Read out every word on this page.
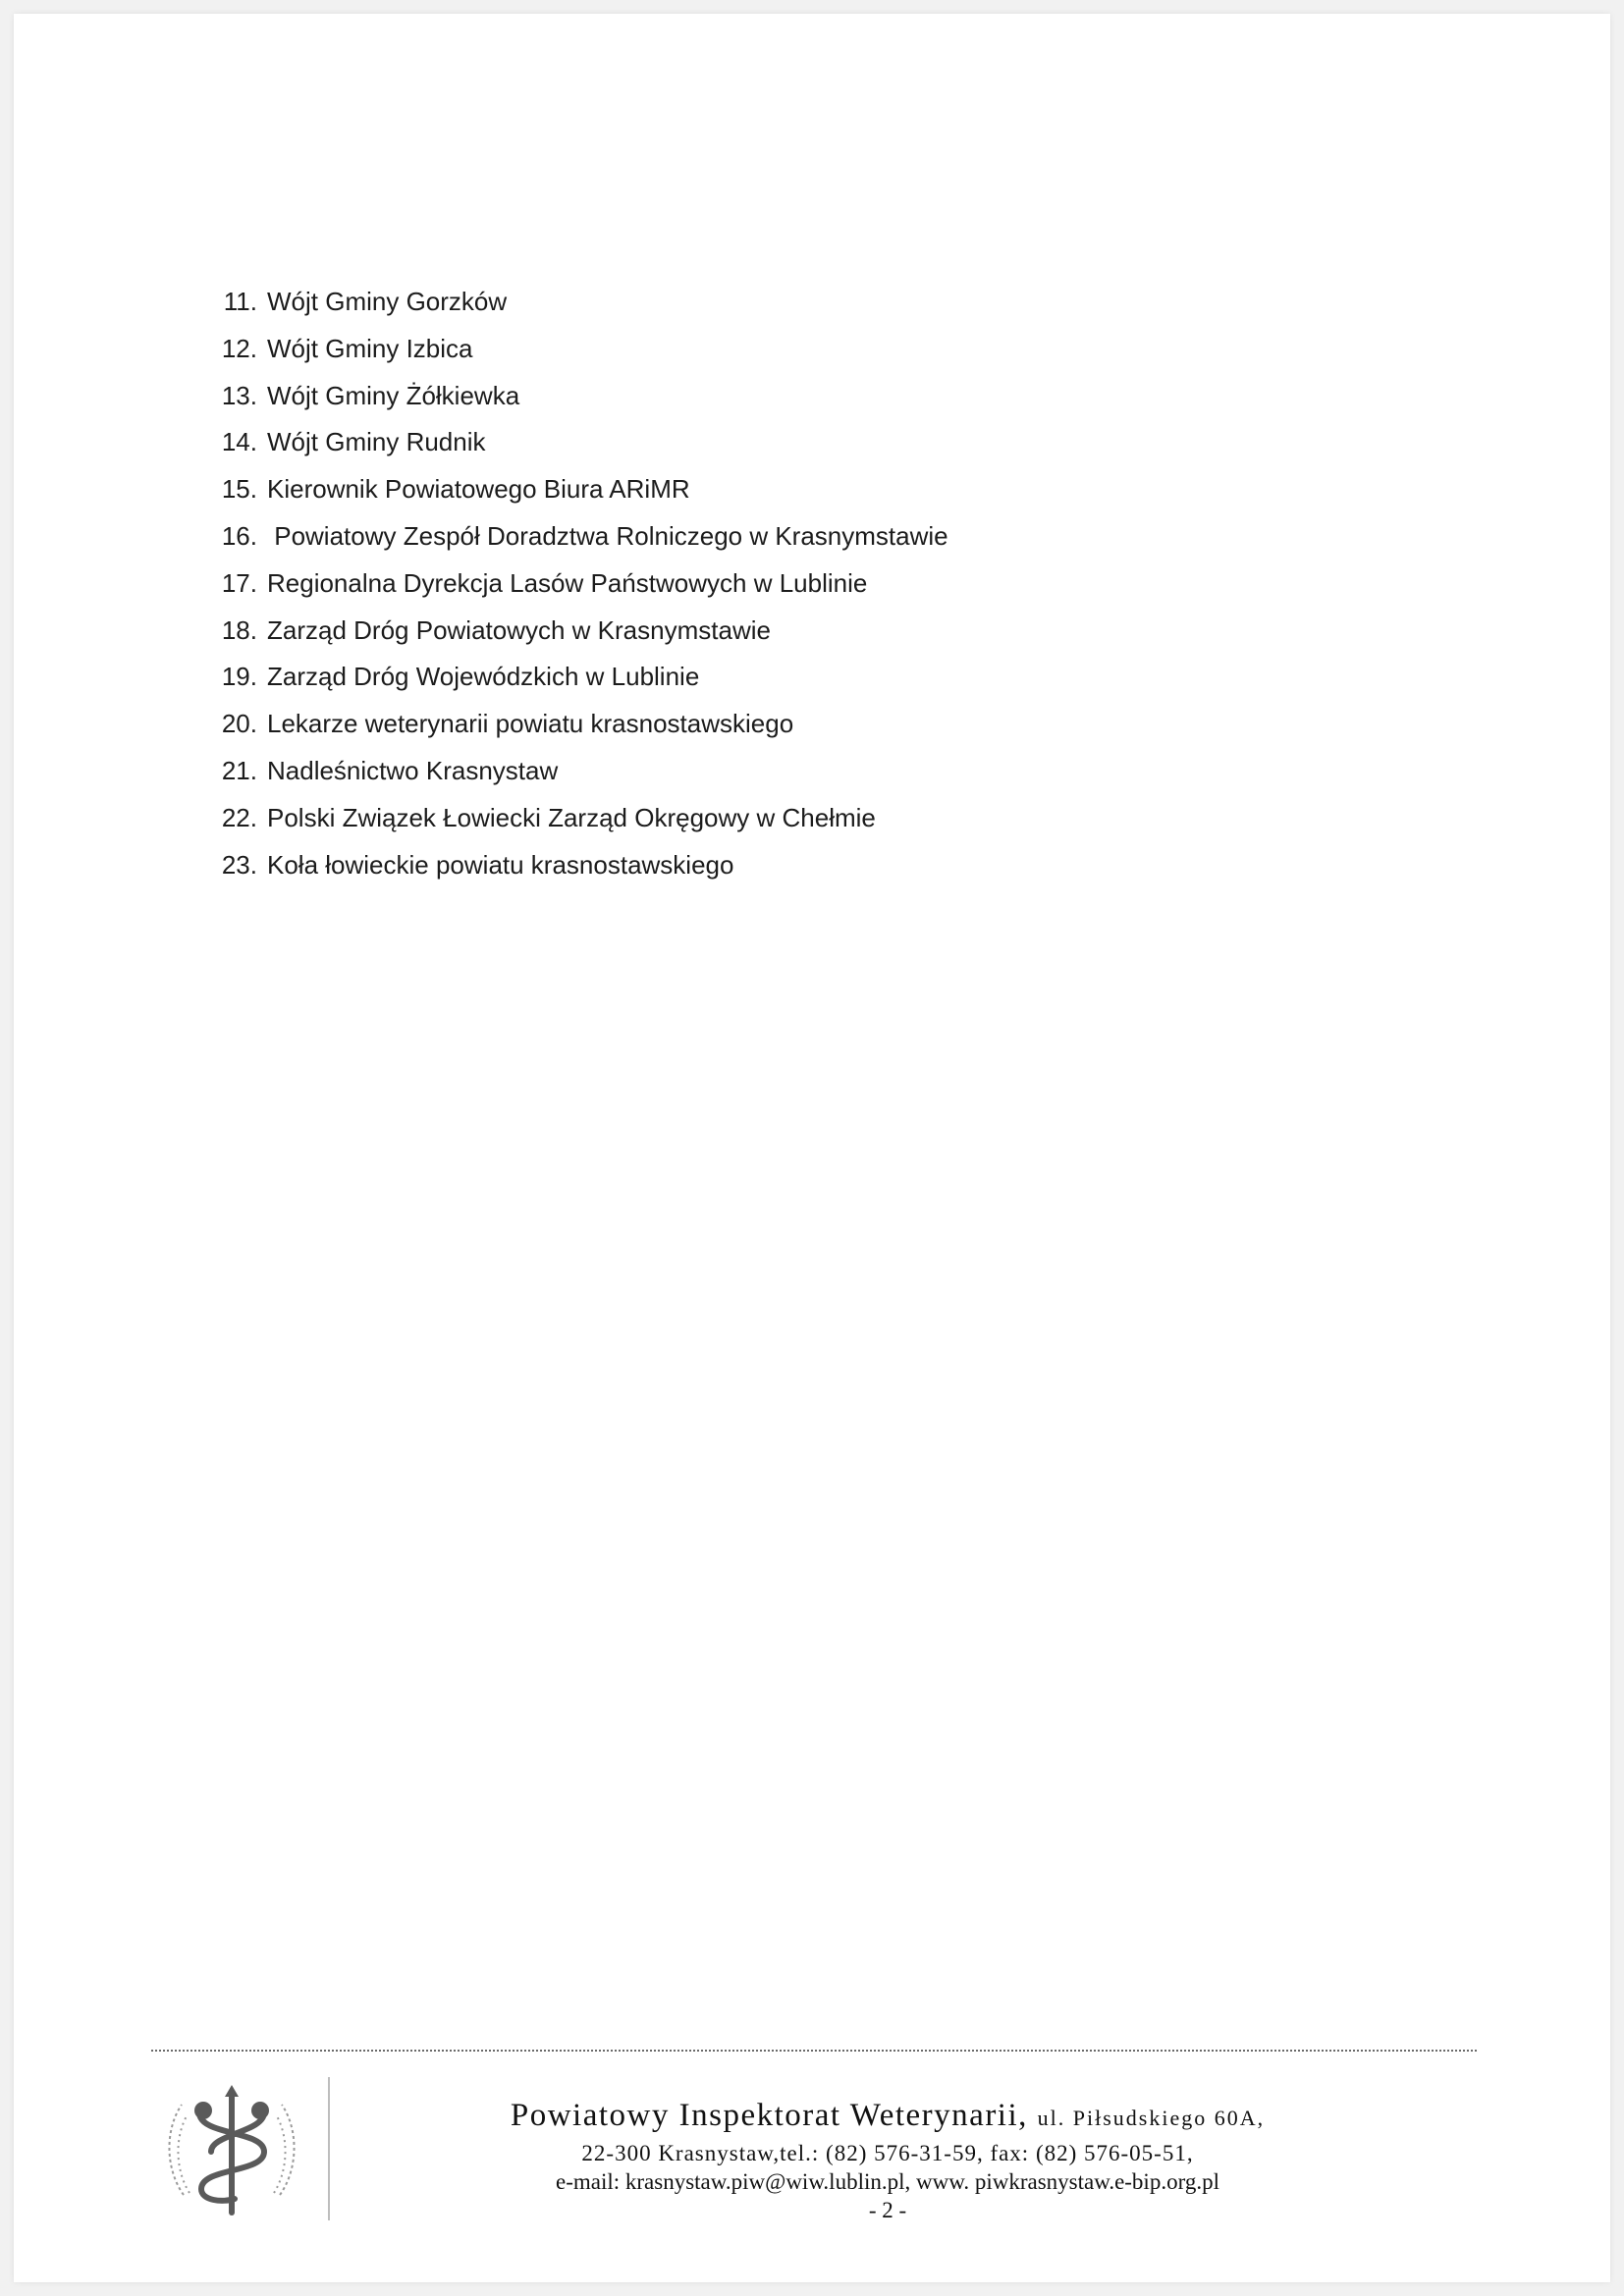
11. Wójt Gminy Gorzków
12. Wójt Gminy Izbica
13. Wójt Gminy Żółkiewka
14. Wójt Gminy Rudnik
15. Kierownik Powiatowego Biura ARiMR
16. Powiatowy Zespół Doradztwa Rolniczego w Krasnymstawie
17. Regionalna Dyrekcja Lasów Państwowych w Lublinie
18. Zarząd Dróg Powiatowych w Krasnymstawie
19. Zarząd Dróg Wojewódzkich w Lublinie
20. Lekarze weterynarii powiatu krasnostawskiego
21. Nadleśnictwo Krasnystaw
22. Polski Związek Łowiecki Zarząd Okręgowy w Chełmie
23. Koła łowieckie powiatu krasnostawskiego
Powiatowy Inspektorat Weterynarii, ul. Piłsudskiego 60A,
22-300 Krasnystaw,tel.: (82) 576-31-59, fax: (82) 576-05-51,
e-mail: krasnystaw.piw@wiw.lublin.pl, www. piwkrasnystaw.e-bip.org.pl
- 2 -
